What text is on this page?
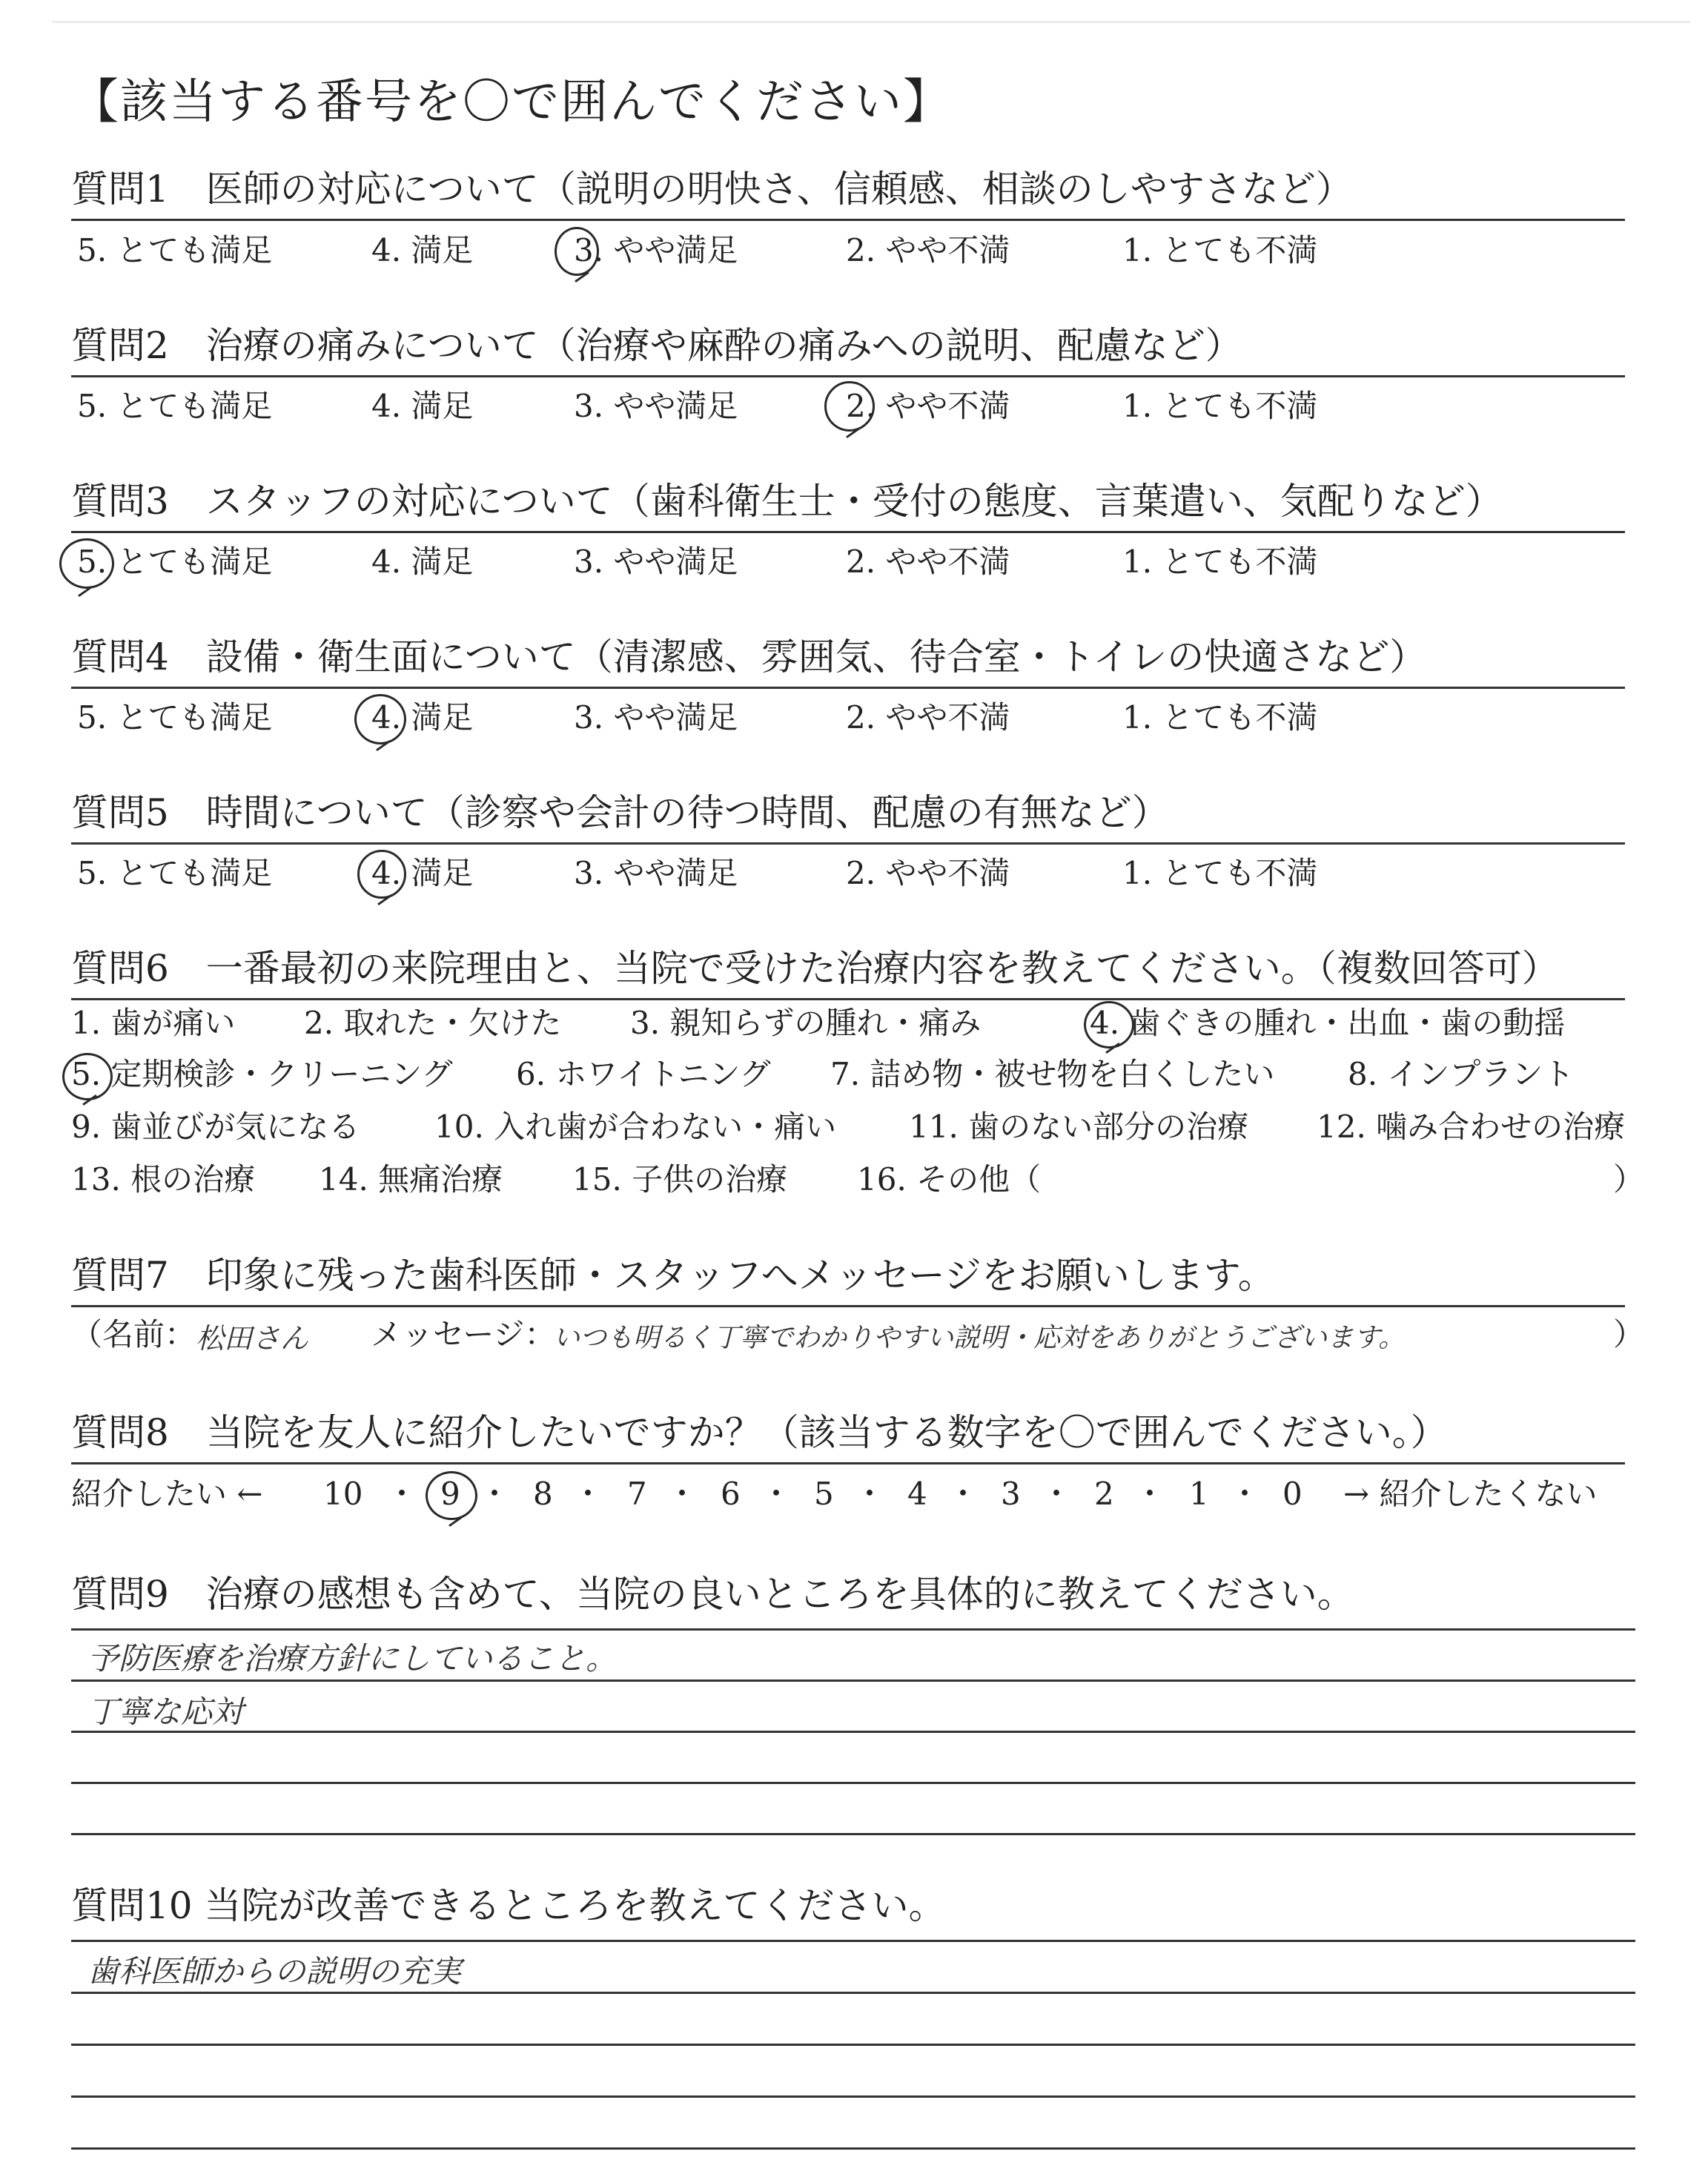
【該当する番号を〇で囲んでください】
質問1　医師の対応について（説明の明快さ、信頼感、相談のしやすさなど）
5. とても満足	4. 満足	3. やや満足	2. やや不満	1. とても不満
質問2　治療の痛みについて（治療や麻酔の痛みへの説明、配慮など）
5. とても満足	4. 満足	3. やや満足	2. やや不満	1. とても不満
質問3　スタッフの対応について（歯科衛生士・受付の態度、言葉遣い、気配りなど）
5. とても満足	4. 満足	3. やや満足	2. やや不満	1. とても不満
質問4　設備・衛生面について（清潔感、雰囲気、待合室・トイレの快適さなど）
5. とても満足	4. 満足	3. やや満足	2. やや不満	1. とても不満
質問5　時間について（診察や会計の待つ時間、配慮の有無など）
5. とても満足	4. 満足	3. やや満足	2. やや不満	1. とても不満
質問6　一番最初の来院理由と、当院で受けた治療内容を教えてください。（複数回答可）
1. 歯が痛い 2. 取れた・欠けた 3. 親知らずの腫れ・痛み	4. 歯ぐきの腫れ・出血・歯の動揺
5. 定期検診・クリーニング 6. ホワイトニング 7. 詰め物・被せ物を白くしたい 8. インプラント
9. 歯並びが気になる 10. 入れ歯が合わない・痛い 11. 歯のない部分の治療 12. 噛み合わせの治療
13. 根の治療 14. 無痛治療 15. 子供の治療 16. その他（	）
質問7　印象に残った歯科医師・スタッフへメッセージをお願いします。
（名前： 松田さん メッセージ：
いつも明るく丁寧でわかりやすい説明・応対をありがとうございます。	）
質問8　当院を友人に紹介したいですか？（該当する数字を〇で囲んでください。）
紹介したい ← 10 ・ 9 ・ 8 ・ 7 ・ 6 ・ 5 ・ 4 ・ 3 ・ 2 ・ 1 ・ 0 → 紹介したくない
質問9　治療の感想も含めて、当院の良いところを具体的に教えてください。
予防医療を治療方針にしていること。
丁寧な応対
質問10 当院が改善できるところを教えてください。
歯科医師からの説明の充実
